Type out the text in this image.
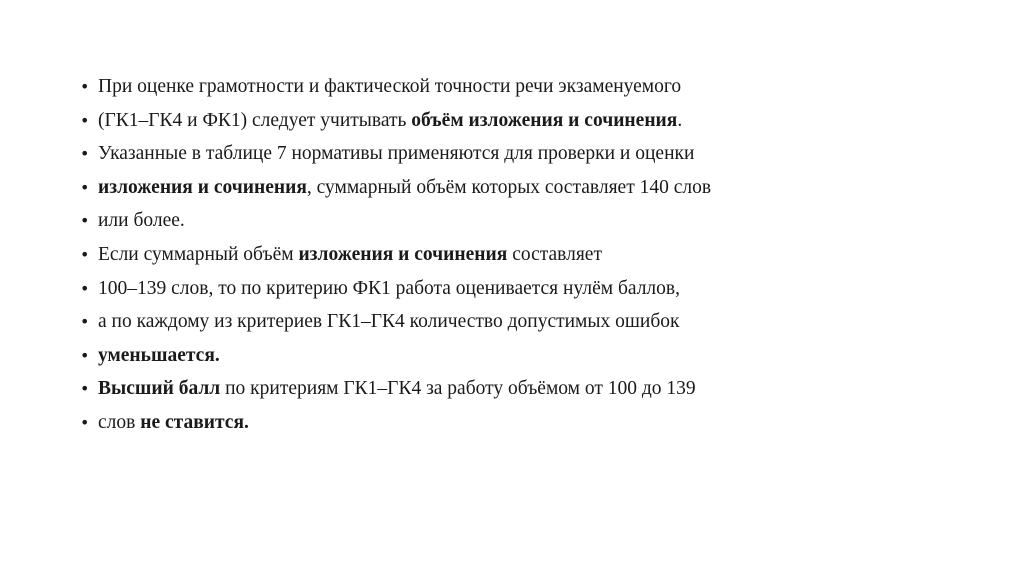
• При оценке грамотности и фактической точности речи экзаменуемого
• (ГК1–ГК4 и ФК1) следует учитывать объём изложения и сочинения.
• Указанные в таблице 7 нормативы применяются для проверки и оценки
• изложения и сочинения, суммарный объём которых составляет 140 слов
• или более.
• Если суммарный объём изложения и сочинения составляет
• 100–139 слов, то по критерию ФК1 работа оценивается нулём баллов,
• а по каждому из критериев ГК1–ГК4 количество допустимых ошибок
• уменьшается.
• Высший балл по критериям ГК1–ГК4 за работу объёмом от 100 до 139
• слов не ставится.
